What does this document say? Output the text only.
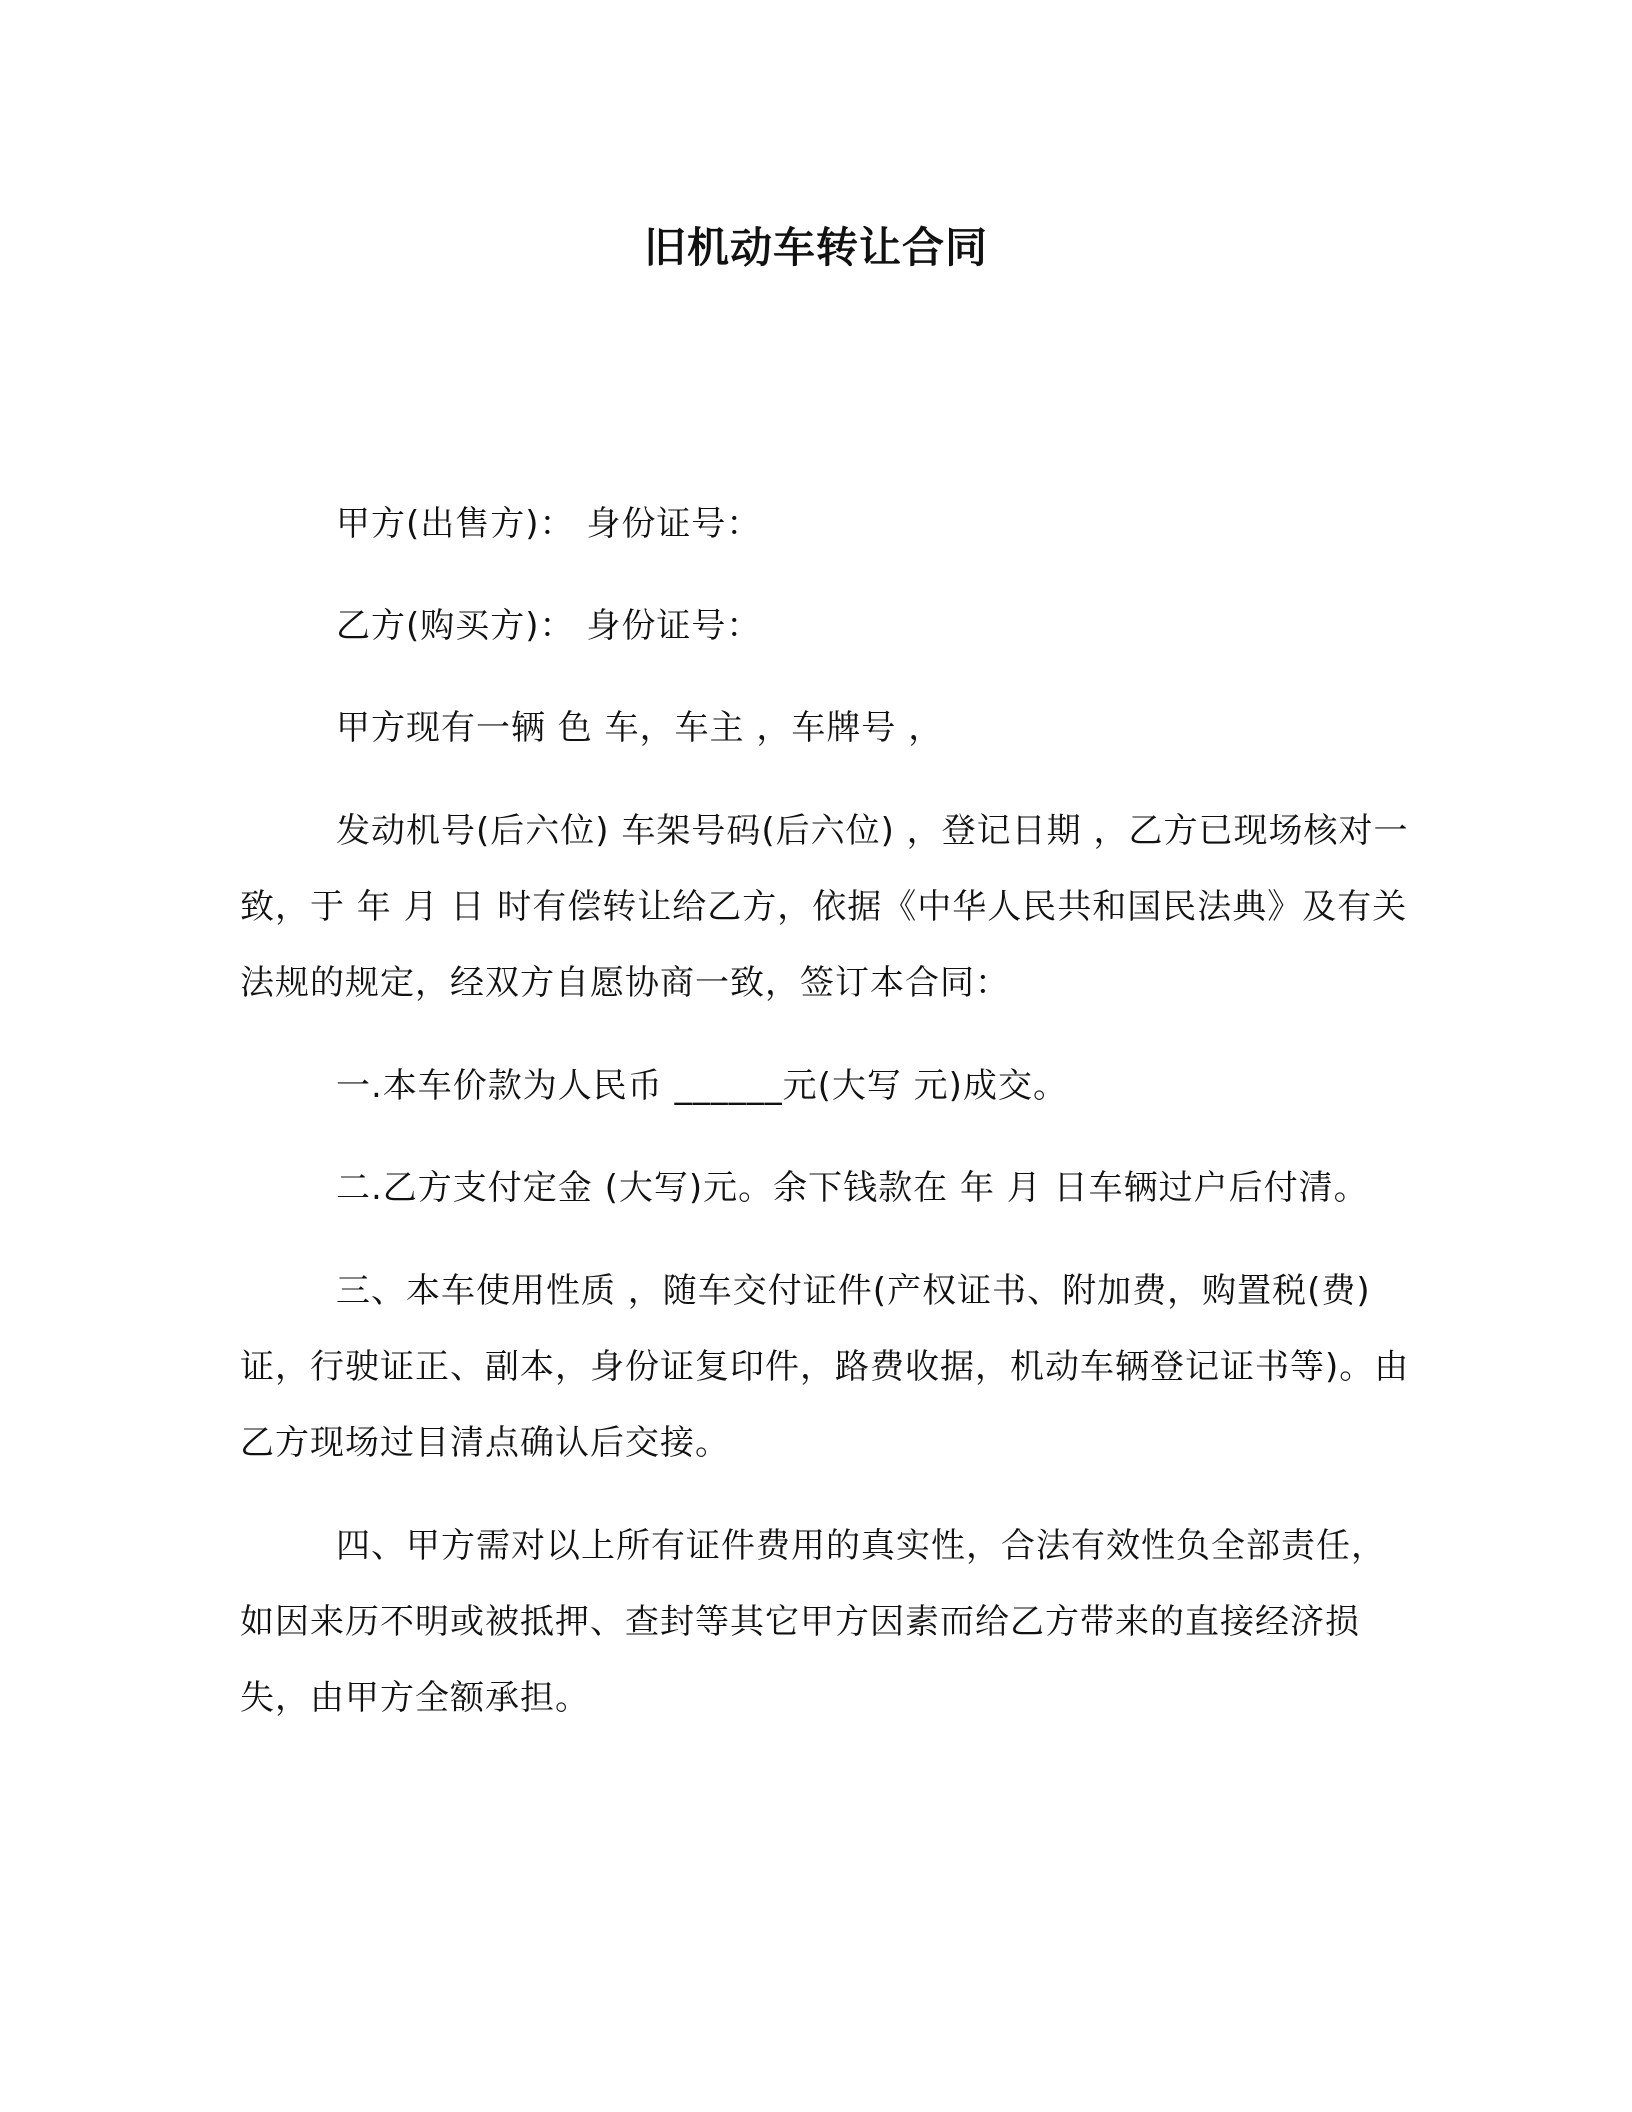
旧机动车转让合同

甲方(出售方)： 身份证号：

乙方(购买方)： 身份证号：

甲方现有一辆 色 车，车主 ，车牌号 ，

发动机号(后六位) 车架号码(后六位) ，登记日期 ，乙方已现场核对一致，于 年 月 日 时有偿转让给乙方，依据《中华人民共和国民法典》及有关法规的规定，经双方自愿协商一致，签订本合同：

一.本车价款为人民币 ______元(大写 元)成交。

二.乙方支付定金 (大写)元。余下钱款在 年 月 日车辆过户后付清。

三、本车使用性质 ，随车交付证件(产权证书、附加费，购置税(费)证，行驶证正、副本，身份证复印件，路费收据，机动车辆登记证书等)。由乙方现场过目清点确认后交接。

四、甲方需对以上所有证件费用的真实性，合法有效性负全部责任，如因来历不明或被抵押、查封等其它甲方因素而给乙方带来的直接经济损失，由甲方全额承担。
